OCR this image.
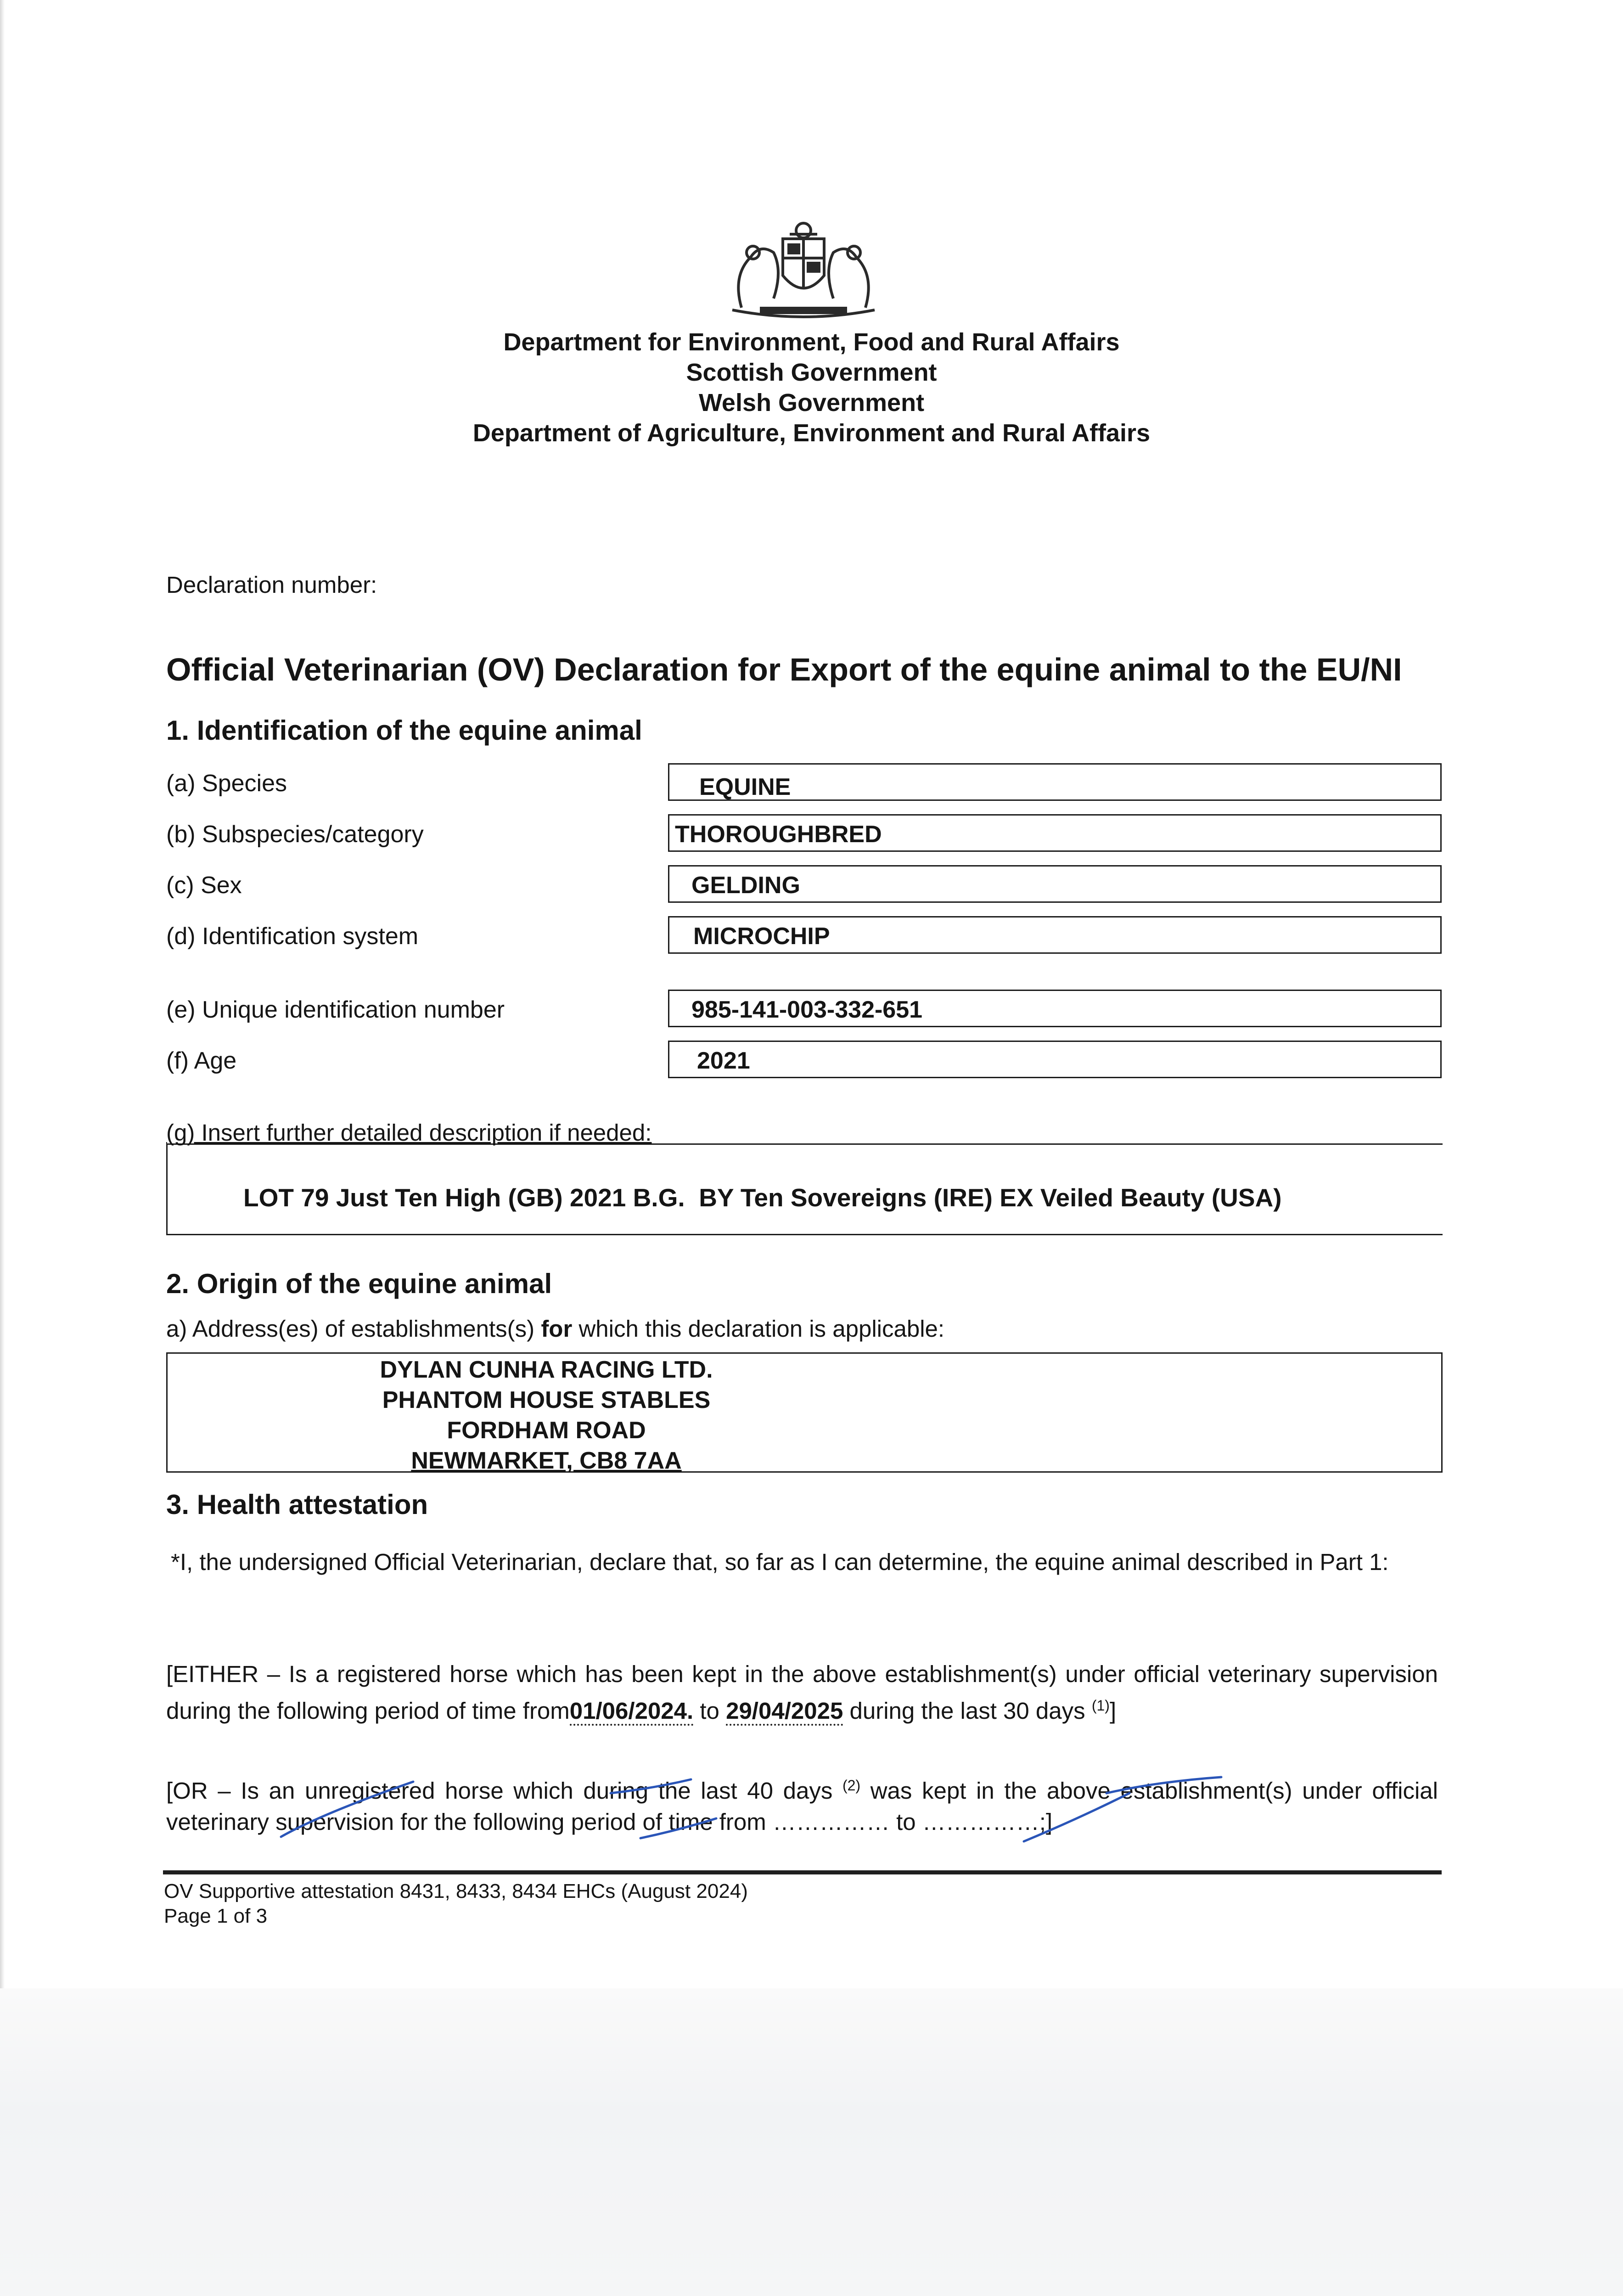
Department for Environment, Food and Rural Affairs
Scottish Government
Welsh Government
Department of Agriculture, Environment and Rural Affairs
Declaration number:
Official Veterinarian (OV) Declaration for Export of the equine animal to the EU/NI
1. Identification of the equine animal
(a) Species	EQUINE
(b) Subspecies/category	THOROUGHBRED
(c) Sex	GELDING
(d) Identification system	MICROCHIP
(e) Unique identification number	985-141-003-332-651
(f) Age	2021
(g) Insert further detailed description if needed:
LOT 79 Just Ten High (GB) 2021 B.G.  BY Ten Sovereigns (IRE) EX Veiled Beauty (USA)
2. Origin of the equine animal
a) Address(es) of establishments(s) for which this declaration is applicable:
DYLAN CUNHA RACING LTD.
PHANTOM HOUSE STABLES
FORDHAM ROAD
NEWMARKET, CB8 7AA
3. Health attestation
*I, the undersigned Official Veterinarian, declare that, so far as I can determine, the equine animal described in Part 1:
[EITHER – Is a registered horse which has been kept in the above establishment(s) under official veterinary supervision during the following period of time from01/06/2024. to 29/04/2025 during the last 30 days $^{(1)}$]
[OR – Is an unregistered horse which during the last 40 days $^{(2)}$ was kept in the above establishment(s) under official veterinary supervision for the following period of time from …………… to ……………;]
OV Supportive attestation 8431, 8433, 8434 EHCs (August 2024)
Page 1 of 3
